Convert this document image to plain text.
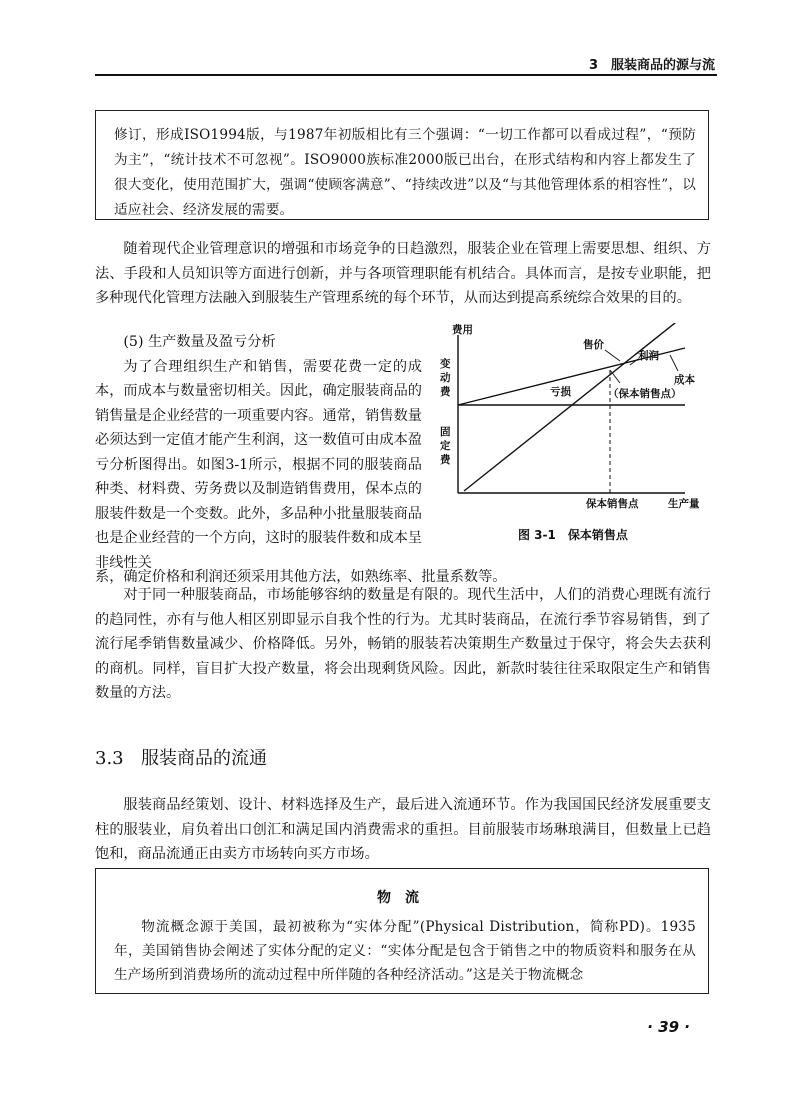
3　服装商品的源与流

修订，形成ISO1994版，与1987年初版相比有三个强调：“一切工作都可以看成过程”，“预防为主”，“统计技术不可忽视”。ISO9000族标准2000版已出台，在形式结构和内容上都发生了很大变化，使用范围扩大，强调“使顾客满意”、“持续改进”以及“与其他管理体系的相容性”，以适应社会、经济发展的需要。

随着现代企业管理意识的增强和市场竞争的日趋激烈，服装企业在管理上需要思想、组织、方法、手段和人员知识等方面进行创新，并与各项管理职能有机结合。具体而言，是按专业职能，把多种现代化管理方法融入到服装生产管理系统的每个环节，从而达到提高系统综合效果的目的。

(5) 生产数量及盈亏分析
为了合理组织生产和销售，需要花费一定的成本，而成本与数量密切相关。因此，确定服装商品的销售量是企业经营的一项重要内容。通常，销售数量必须达到一定值才能产生利润，这一数值可由成本盈亏分析图得出。如图3-1所示，根据不同的服装商品种类、材料费、劳务费以及制造销售费用，保本点的服装件数是一个变数。此外，多品种小批量服装商品也是企业经营的一个方向，这时的服装件数和成本呈非线性关
费用
生产量
变
动
费
固
定
费
售价
利润
成本
亏损	（保本销售点）
保本销售点
图 3-1　保本销售点

系，确定价格和利润还须采用其他方法，如熟练率、批量系数等。

对于同一种服装商品，市场能够容纳的数量是有限的。现代生活中，人们的消费心理既有流行的趋同性，亦有与他人相区别即显示自我个性的行为。尤其时装商品，在流行季节容易销售，到了流行尾季销售数量减少、价格降低。另外，畅销的服装若决策期生产数量过于保守，将会失去获利的商机。同样，盲目扩大投产数量，将会出现剩货风险。因此，新款时装往往采取限定生产和销售数量的方法。

3.3 服装商品的流通

服装商品经策划、设计、材料选择及生产，最后进入流通环节。作为我国国民经济发展重要支柱的服装业，肩负着出口创汇和满足国内消费需求的重担。目前服装市场琳琅满目，但数量上已趋饱和，商品流通正由卖方市场转向买方市场。

物流

物流概念源于美国，最初被称为“实体分配”(Physical Distribution，简称PD)。1935年，美国销售协会阐述了实体分配的定义：“实体分配是包含于销售之中的物质资料和服务在从生产场所到消费场所的流动过程中所伴随的各种经济活动。”这是关于物流概念

· 39 ·
